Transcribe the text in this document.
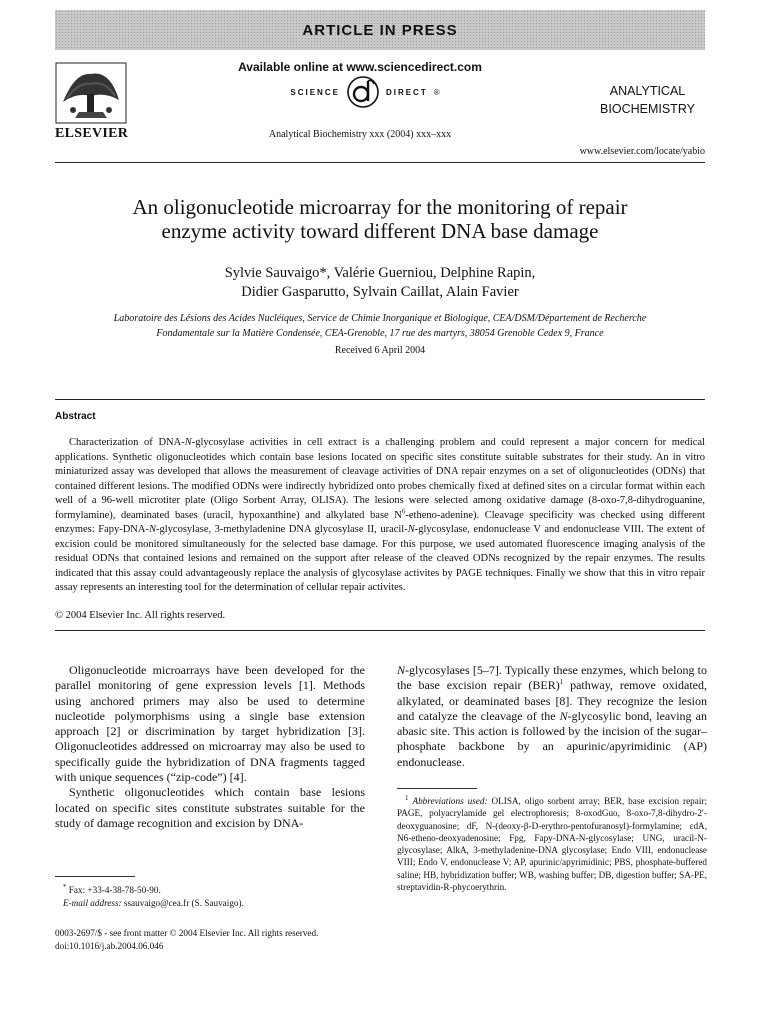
ARTICLE IN PRESS
ELSEVIER
Available online at www.sciencedirect.com
SCIENCE	DIRECT ®
Analytical Biochemistry xxx (2004) xxx–xxx
ANALYTICAL
BIOCHEMISTRY
www.elsevier.com/locate/yabio
An oligonucleotide microarray for the monitoring of repair
enzyme activity toward different DNA base damage
Sylvie Sauvaigo*, Valérie Guerniou, Delphine Rapin,
Didier Gasparutto, Sylvain Caillat, Alain Favier
Laboratoire des Lésions des Acides Nucléiques, Service de Chimie Inorganique et Biologique, CEA/DSM/Département de Recherche
Fondamentale sur la Matière Condensée, CEA-Grenoble, 17 rue des martyrs, 38054 Grenoble Cedex 9, France
Received 6 April 2004
Abstract

Characterization of DNA-N-glycosylase activities in cell extract is a challenging problem and could represent a major concern for medical applications. Synthetic oligonucleotides which contain base lesions located on specific sites constitute suitable substrates for their study. An in vitro miniaturized assay was developed that allows the measurement of cleavage activities of DNA repair enzymes on a set of oligonucleotides (ODNs) that contained different lesions. The modified ODNs were indirectly hybridized onto probes chemically fixed at defined sites on a circular format within each well of a 96-well microtiter plate (Oligo Sorbent Array, OLISA). The lesions were selected among oxidative damage (8-oxo-7,8-dihydroguanine, formylamine), deaminated bases (uracil, hypoxanthine) and alkylated base $N^6-etheno-adenine$). Cleavage specificity was checked using different enzymes: Fapy-DNA-N-glycosylase, 3-methyladenine DNA glycosylase II, uracil-N-glycosylase, endonuclease V and endonuclease VIII. The extent of excision could be monitored simultaneously for the selected base damage. For this purpose, we used automated fluorescence imaging analysis of the residual ODNs that contained lesions and remained on the support after release of the cleaved ODNs recognized by the repair enzymes. The results indicated that this assay could advantageously replace the analysis of glycosylase activites by PAGE techniques. Finally we show that this in vitro repair assay represents an interesting tool for the determination of cellular repair activites.

© 2004 Elsevier Inc. All rights reserved.

Oligonucleotide microarrays have been developed for the parallel monitoring of gene expression levels [1]. Methods using anchored primers may also be used to determine nucleotide polymorphisms using a single base extension approach [2] or discrimination by target hybridization [3]. Oligonucleotides addressed on microarray may also be used to specifically guide the hybridization of DNA fragments tagged with unique sequences (“zip-code”) [4].

Synthetic oligonucleotides which contain base lesions located on specific sites constitute substrates suitable for the study of damage recognition and excision by DNA-

N-glycosylases [5–7]. Typically these enzymes, which belong to the base excision repair (BER)$^1$ pathway, remove oxidated, alkylated, or deaminated bases [8]. They recognize the lesion and catalyze the cleavage of the N-glycosylic bond, leaving an abasic site. This action is followed by the incision of the sugar–phosphate backbone by an apurinic/apyrimidinic (AP) endonuclease.

$^1$ Abbreviations used: OLISA, oligo sorbent array; BER, base excision repair; PAGE, polyacrylamide gel electrophoresis; 8-oxodGuo, 8-oxo-7,8-dihydro-2′-deoxyguanosine; dF, N-(deoxy-β-D-erythro-pentofuranosyl)-formylamine; εdA, N6-etheno-deoxyadenosine; Fpg, Fapy-DNA-N-glycosylase; UNG, uracil-N-glycosylase; AlkA, 3-methyladenine-DNA glycosylase; Endo VIII, endonuclease VIII; Endo V, endonuclease V; AP, apurinic/apyrimidinic; PBS, phosphate-buffered saline; HB, hybridization buffer; WB, washing buffer; DB, digestion buffer; SA-PE, streptavidin-R-phycoerythrin.

* Fax: +33-4-38-78-50-90.
E-mail address: ssauvaigo@cea.fr (S. Sauvaigo).
0003-2697/$ - see front matter © 2004 Elsevier Inc. All rights reserved.
doi:10.1016/j.ab.2004.06.046
